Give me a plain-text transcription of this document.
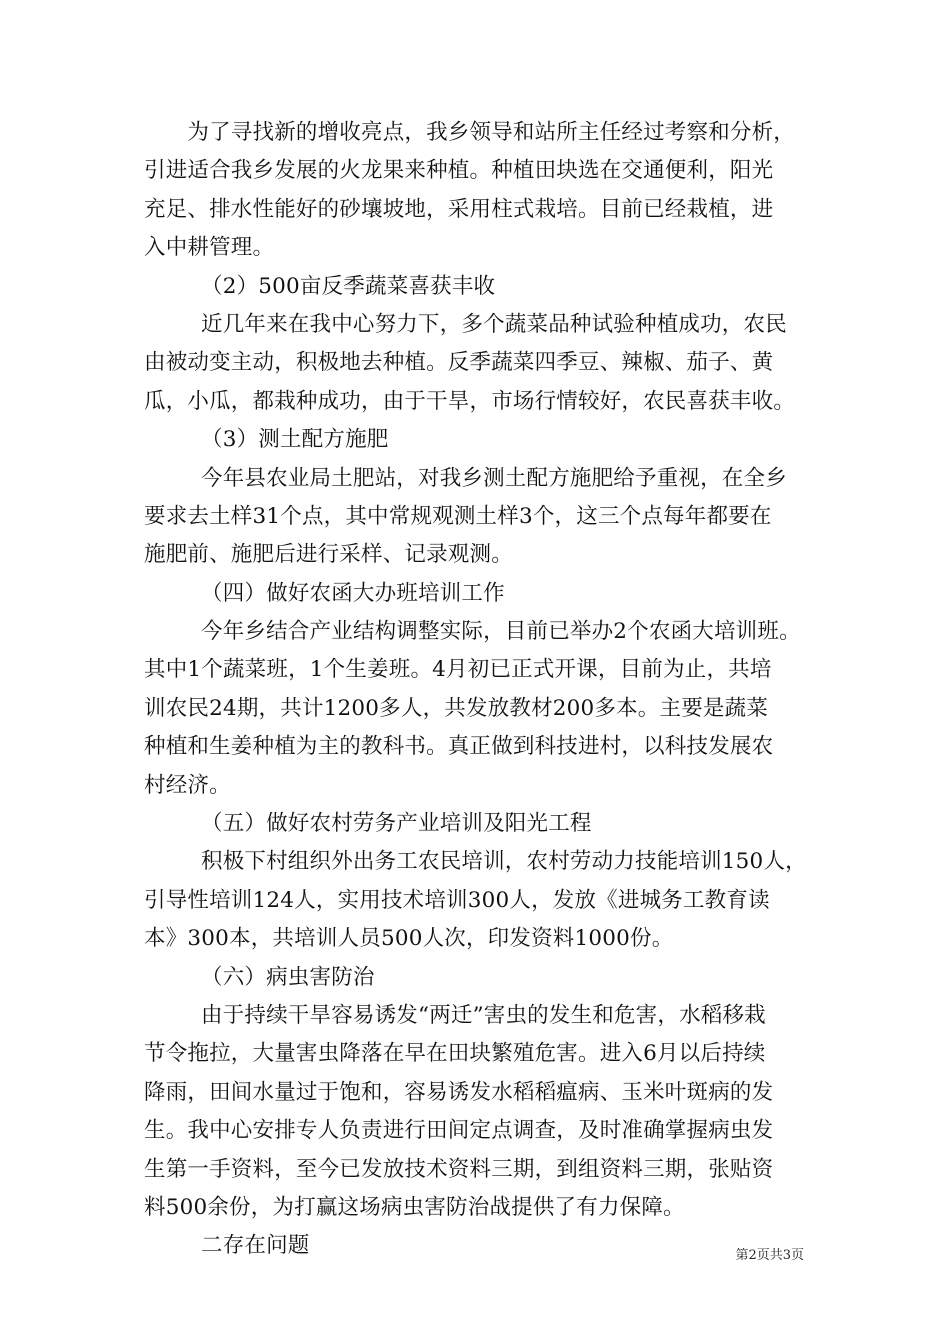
　　为了寻找新的增收亮点，我乡领导和站所主任经过考察和分析，
引进适合我乡发展的火龙果来种植。种植田块选在交通便利，阳光
充足、排水性能好的砂壤坡地，采用柱式栽培。目前已经栽植，进
入中耕管理。
（2）500亩反季蔬菜喜获丰收
近几年来在我中心努力下，多个蔬菜品种试验种植成功，农民
由被动变主动，积极地去种植。反季蔬菜四季豆、辣椒、茄子、黄
瓜，小瓜，都栽种成功，由于干旱，市场行情较好，农民喜获丰收。
（3）测土配方施肥
今年县农业局土肥站，对我乡测土配方施肥给予重视，在全乡
要求去土样31个点，其中常规观测土样3个，这三个点每年都要在
施肥前、施肥后进行采样、记录观测。
（四）做好农函大办班培训工作
今年乡结合产业结构调整实际，目前已举办2个农函大培训班。
其中1个蔬菜班，1个生姜班。4月初已正式开课，目前为止，共培
训农民24期，共计1200多人，共发放教材200多本。主要是蔬菜
种植和生姜种植为主的教科书。真正做到科技进村，以科技发展农
村经济。
（五）做好农村劳务产业培训及阳光工程
积极下村组织外出务工农民培训，农村劳动力技能培训150人，
引导性培训124人，实用技术培训300人，发放《进城务工教育读
本》300本，共培训人员500人次，印发资料1000份。
（六）病虫害防治
由于持续干旱容易诱发“两迁”害虫的发生和危害，水稻移栽
节令拖拉，大量害虫降落在早在田块繁殖危害。进入6月以后持续
降雨，田间水量过于饱和，容易诱发水稻稻瘟病、玉米叶斑病的发
生。我中心安排专人负责进行田间定点调查，及时准确掌握病虫发
生第一手资料，至今已发放技术资料三期，到组资料三期，张贴资
料500余份，为打赢这场病虫害防治战提供了有力保障。
二存在问题	第2页共3页
